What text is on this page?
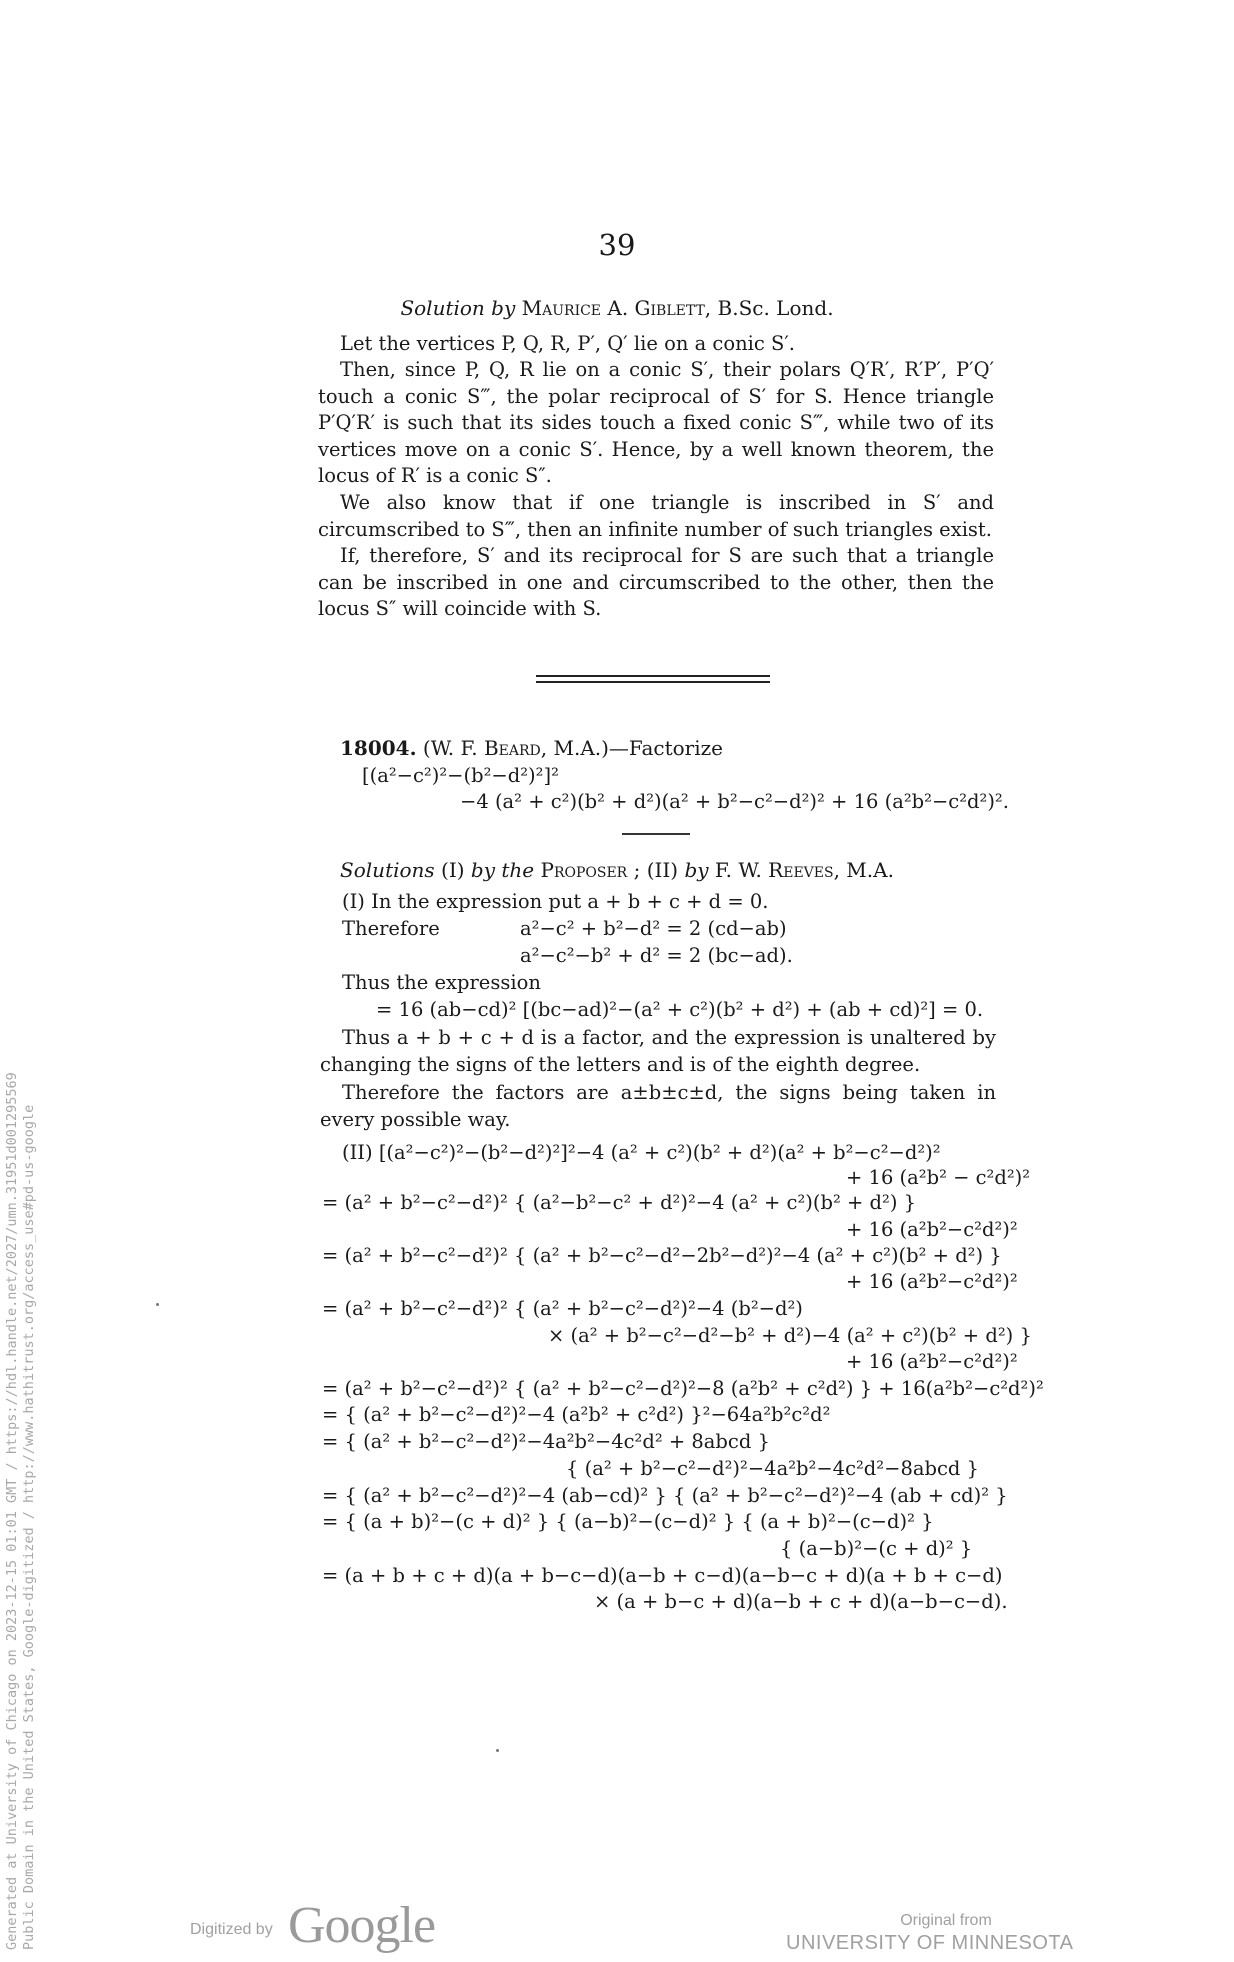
39
Solution by Maurice A. Giblett, B.Sc. Lond.
Let the vertices P, Q, R, P′, Q′ lie on a conic S′.
Then, since P, Q, R lie on a conic S′, their polars Q′R′, R′P′, P′Q′ touch a conic S‴, the polar reciprocal of S′ for S. Hence triangle P′Q′R′ is such that its sides touch a fixed conic S‴, while two of its vertices move on a conic S′. Hence, by a well known theorem, the locus of R′ is a conic S″.
We also know that if one triangle is inscribed in S′ and circumscribed to S‴, then an infinite number of such triangles exist.
If, therefore, S′ and its reciprocal for S are such that a triangle can be inscribed in one and circumscribed to the other, then the locus S″ will coincide with S.
18004. (W. F. Beard, M.A.)—Factorize
[(a²−c²)²−(b²−d²)²]²
−4 (a² + c²)(b² + d²)(a² + b²−c²−d²)² + 16 (a²b²−c²d²)².
Solutions (I) by the Proposer ; (II) by F. W. Reeves, M.A.
(I) In the expression put a + b + c + d = 0.
Therefore	a²−c² + b²−d² = 2 (cd−ab)
a²−c²−b² + d² = 2 (bc−ad).
Thus the expression
= 16 (ab−cd)² [(bc−ad)²−(a² + c²)(b² + d²) + (ab + cd)²] = 0.
Thus a + b + c + d is a factor, and the expression is unaltered by changing the signs of the letters and is of the eighth degree.
Therefore the factors are a±b±c±d, the signs being taken in every possible way.
(II) [(a²−c²)²−(b²−d²)²]²−4 (a² + c²)(b² + d²)(a² + b²−c²−d²)²
+ 16 (a²b² − c²d²)²
= (a² + b²−c²−d²)² { (a²−b²−c² + d²)²−4 (a² + c²)(b² + d²) }
+ 16 (a²b²−c²d²)²
= (a² + b²−c²−d²)² { (a² + b²−c²−d²−2b²−d²)²−4 (a² + c²)(b² + d²) }
+ 16 (a²b²−c²d²)²
= (a² + b²−c²−d²)² { (a² + b²−c²−d²)²−4 (b²−d²)
× (a² + b²−c²−d²−b² + d²)−4 (a² + c²)(b² + d²) }
+ 16 (a²b²−c²d²)²
= (a² + b²−c²−d²)² { (a² + b²−c²−d²)²−8 (a²b² + c²d²) } + 16(a²b²−c²d²)²
= { (a² + b²−c²−d²)²−4 (a²b² + c²d²) }²−64a²b²c²d²
= { (a² + b²−c²−d²)²−4a²b²−4c²d² + 8abcd }
{ (a² + b²−c²−d²)²−4a²b²−4c²d²−8abcd }
= { (a² + b²−c²−d²)²−4 (ab−cd)² } { (a² + b²−c²−d²)²−4 (ab + cd)² }
= { (a + b)²−(c + d)² } { (a−b)²−(c−d)² } { (a + b)²−(c−d)² }
{ (a−b)²−(c + d)² }
= (a + b + c + d)(a + b−c−d)(a−b + c−d)(a−b−c + d)(a + b + c−d)
× (a + b−c + d)(a−b + c + d)(a−b−c−d).
Generated at University of Chicago on 2023-12-15 01:01 GMT / https://hdl.handle.net/2027/umn.31951d001295569 Public Domain in the United States, Google-digitized / http://www.hathitrust.org/access_use#pd-us-google	Digitized by Google	Original from
UNIVERSITY OF MINNESOTA
